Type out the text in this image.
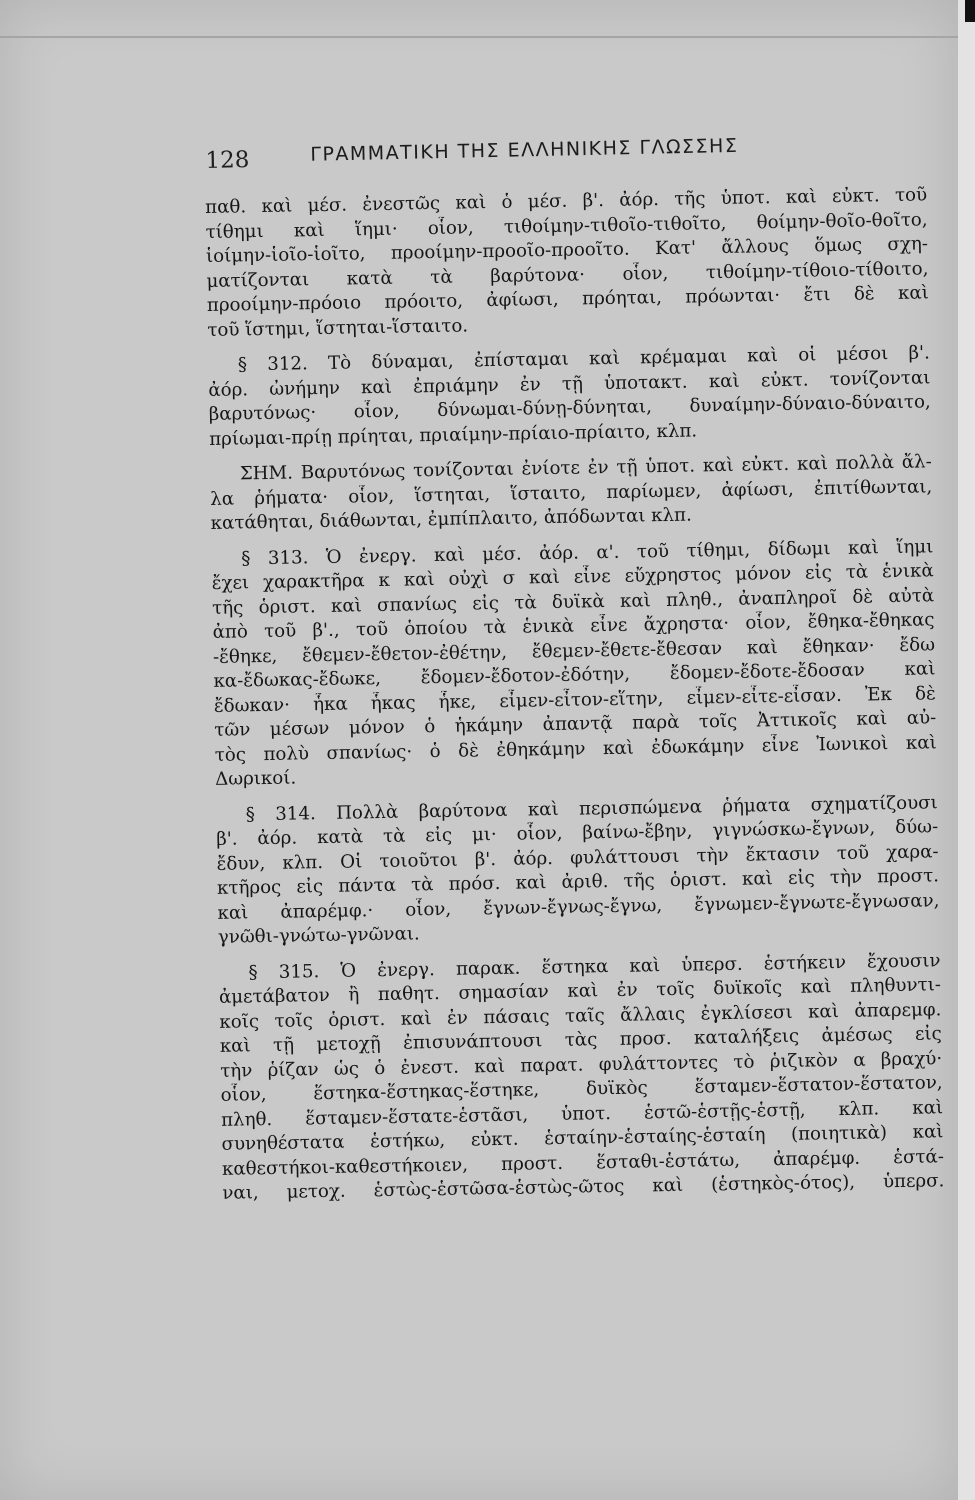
128	ΓΡΑΜΜΑΤΙΚΗ ΤΗΣ ΕΛΛΗΝΙΚΗΣ ΓΛΩΣΣΗΣ
παθ. καὶ μέσ. ἐνεστῶς καὶ ὁ μέσ. β'. ἀόρ. τῆς ὑποτ. καὶ εὐκτ. τοῦ
τίθημι καὶ ἵημι· οἷον, τιθοίμην-τιθοῖο-τιθοῖτο, θοίμην-θοῖο-θοῖτο,
ἱοίμην-ἱοῖο-ἱοῖτο, προοίμην-προοῖο-προοῖτο. Κατ' ἄλλους ὅμως σχη-
ματίζονται κατὰ τὰ βαρύτονα· οἷον, τιθοίμην-τίθοιο-τίθοιτο,
προοίμην-πρόοιο πρόοιτο, ἀφίωσι, πρόηται, πρόωνται· ἔτι δὲ καὶ
τοῦ ἵστημι, ἵστηται-ἵσταιτο.
§ 312. Τὸ δύναμαι, ἐπίσταμαι καὶ κρέμαμαι καὶ οἱ μέσοι β'.
ἀόρ. ὠνήμην καὶ ἐπριάμην ἐν τῇ ὑποτακτ. καὶ εὐκτ. τονίζονται
βαρυτόνως· οἷον, δύνωμαι-δύνῃ-δύνηται, δυναίμην-δύναιο-δύναιτο,
πρίωμαι-πρίῃ πρίηται, πριαίμην-πρίαιο-πρίαιτο, κλπ.
ΣΗΜ. Βαρυτόνως τονίζονται ἐνίοτε ἐν τῇ ὑποτ. καὶ εὐκτ. καὶ πολλὰ ἄλ-
λα ῥήματα· οἷον, ἵστηται, ἵσταιτο, παρίωμεν, ἀφίωσι, ἐπιτίθωνται,
κατάθηται, διάθωνται, ἐμπίπλαιτο, ἀπόδωνται κλπ.
§ 313. Ὁ ἐνεργ. καὶ μέσ. ἀόρ. α'. τοῦ τίθημι, δίδωμι καὶ ἵημι
ἔχει χαρακτῆρα κ καὶ οὐχὶ σ καὶ εἶνε εὔχρηστος μόνον εἰς τὰ ἑνικὰ
τῆς ὁριστ. καὶ σπανίως εἰς τὰ δυϊκὰ καὶ πληθ., ἀναπληροῖ δὲ αὐτὰ
ἀπὸ τοῦ β'., τοῦ ὁποίου τὰ ἑνικὰ εἶνε ἄχρηστα· οἷον, ἔθηκα-ἔθηκας
-ἔθηκε, ἔθεμεν-ἔθετον-ἐθέτην, ἔθεμεν-ἔθετε-ἔθεσαν καὶ ἔθηκαν· ἔδω
κα-ἔδωκας-ἔδωκε, ἔδομεν-ἔδοτον-ἐδότην, ἔδομεν-ἔδοτε-ἔδοσαν καὶ
ἔδωκαν· ἧκα ἧκας ἧκε, εἶμεν-εἶτον-εἵτην, εἶμεν-εἶτε-εἶσαν. Ἐκ δὲ
τῶν μέσων μόνον ὁ ἡκάμην ἀπαντᾷ παρὰ τοῖς Ἀττικοῖς καὶ αὐ-
τὸς πολὺ σπανίως· ὁ δὲ ἐθηκάμην καὶ ἐδωκάμην εἶνε Ἰωνικοὶ καὶ
Δωρικοί.
§ 314. Πολλὰ βαρύτονα καὶ περισπώμενα ῥήματα σχηματίζουσι
β'. ἀόρ. κατὰ τὰ εἰς μι· οἷον, βαίνω-ἔβην, γιγνώσκω-ἔγνων, δύω-
ἔδυν, κλπ. Οἱ τοιοῦτοι β'. ἀόρ. φυλάττουσι τὴν ἔκτασιν τοῦ χαρα-
κτῆρος εἰς πάντα τὰ πρόσ. καὶ ἀριθ. τῆς ὁριστ. καὶ εἰς τὴν προστ.
καὶ ἀπαρέμφ.· οἷον, ἔγνων-ἔγνως-ἔγνω, ἔγνωμεν-ἔγνωτε-ἔγνωσαν,
γνῶθι-γνώτω-γνῶναι.
§ 315. Ὁ ἐνεργ. παρακ. ἕστηκα καὶ ὑπερσ. ἑστήκειν ἔχουσιν
ἀμετάβατον ἢ παθητ. σημασίαν καὶ ἐν τοῖς δυϊκοῖς καὶ πληθυντι-
κοῖς τοῖς ὁριστ. καὶ ἐν πάσαις ταῖς ἄλλαις ἐγκλίσεσι καὶ ἀπαρεμφ.
καὶ τῇ μετοχῇ ἐπισυνάπτουσι τὰς προσ. καταλήξεις ἀμέσως εἰς
τὴν ῥίζαν ὡς ὁ ἐνεστ. καὶ παρατ. φυλάττοντες τὸ ῥιζικὸν α βραχύ·
οἷον, ἕστηκα-ἕστηκας-ἕστηκε, δυϊκὸς ἕσταμεν-ἕστατον-ἕστατον,
πληθ. ἕσταμεν-ἕστατε-ἑστᾶσι, ὑποτ. ἑστῶ-ἑστῇς-ἑστῇ, κλπ. καὶ
συνηθέστατα ἑστήκω, εὐκτ. ἑσταίην-ἑσταίης-ἑσταίη (ποιητικὰ) καὶ
καθεστήκοι-καθεστήκοιεν, προστ. ἕσταθι-ἑστάτω, ἀπαρέμφ. ἑστά-
ναι, μετοχ. ἑστὼς-ἑστῶσα-ἑστὼς-ῶτος καὶ (ἑστηκὸς-ότος), ὑπερσ.
